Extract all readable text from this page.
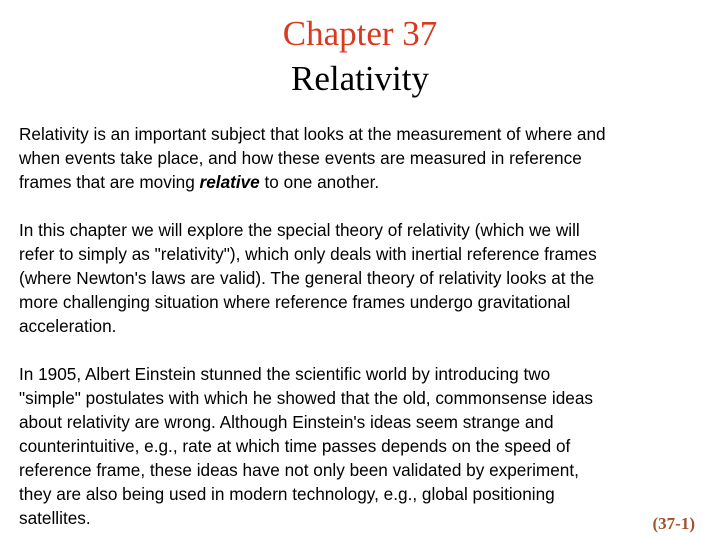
Chapter 37
Relativity
Relativity is an important subject that looks at the measurement of where and
when events take place, and how these events are measured in reference
frames that are moving relative to one another.
In this chapter we will explore the special theory of relativity (which we will
refer to simply as "relativity"), which only deals with inertial reference frames
(where Newton's laws are valid). The general theory of relativity looks at the
more challenging situation where reference frames undergo gravitational
acceleration.
In 1905, Albert Einstein stunned the scientific world by introducing two
"simple" postulates with which he showed that the old, commonsense ideas
about relativity are wrong. Although Einstein's ideas seem strange and
counterintuitive, e.g., rate at which time passes depends on the speed of
reference frame, these ideas have not only been validated by experiment,
they are also being used in modern technology, e.g., global positioning
satellites.	(37-1)
